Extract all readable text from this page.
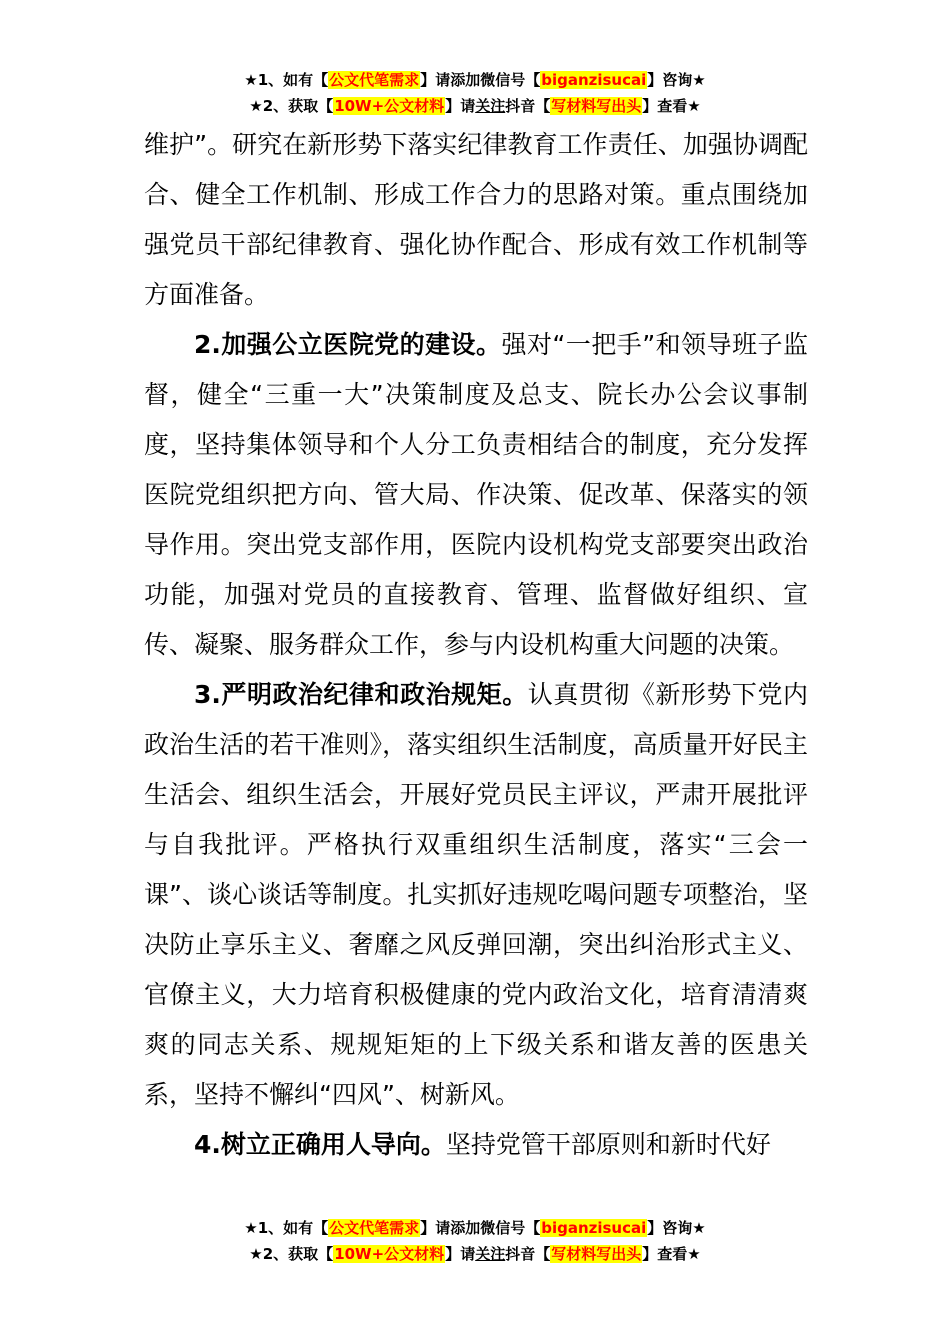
★1、如有【公文代笔需求】请添加微信号【biganzisucai】咨询★
★2、获取【10W+公文材料】请关注抖音【写材料写出头】查看★

维护”。研究在新形势下落实纪律教育工作责任、加强协调配合、健全工作机制、形成工作合力的思路对策。重点围绕加强党员干部纪律教育、强化协作配合、形成有效工作机制等方面准备。

2.加强公立医院党的建设。强对“一把手”和领导班子监督，健全“三重一大”决策制度及总支、院长办公会议事制度，坚持集体领导和个人分工负责相结合的制度，充分发挥医院党组织把方向、管大局、作决策、促改革、保落实的领导作用。突出党支部作用，医院内设机构党支部要突出政治功能，加强对党员的直接教育、管理、监督做好组织、宣传、凝聚、服务群众工作，参与内设机构重大问题的决策。

3.严明政治纪律和政治规矩。认真贯彻《新形势下党内政治生活的若干准则》，落实组织生活制度，高质量开好民主生活会、组织生活会，开展好党员民主评议，严肃开展批评与自我批评。严格执行双重组织生活制度，落实“三会一课”、谈心谈话等制度。扎实抓好违规吃喝问题专项整治，坚决防止享乐主义、奢靡之风反弹回潮，突出纠治形式主义、官僚主义，大力培育积极健康的党内政治文化，培育清清爽爽的同志关系、规规矩矩的上下级关系和谐友善的医患关系，坚持不懈纠“四风”、树新风。

4.树立正确用人导向。坚持党管干部原则和新时代好

★1、如有【公文代笔需求】请添加微信号【biganzisucai】咨询★
★2、获取【10W+公文材料】请关注抖音【写材料写出头】查看★
